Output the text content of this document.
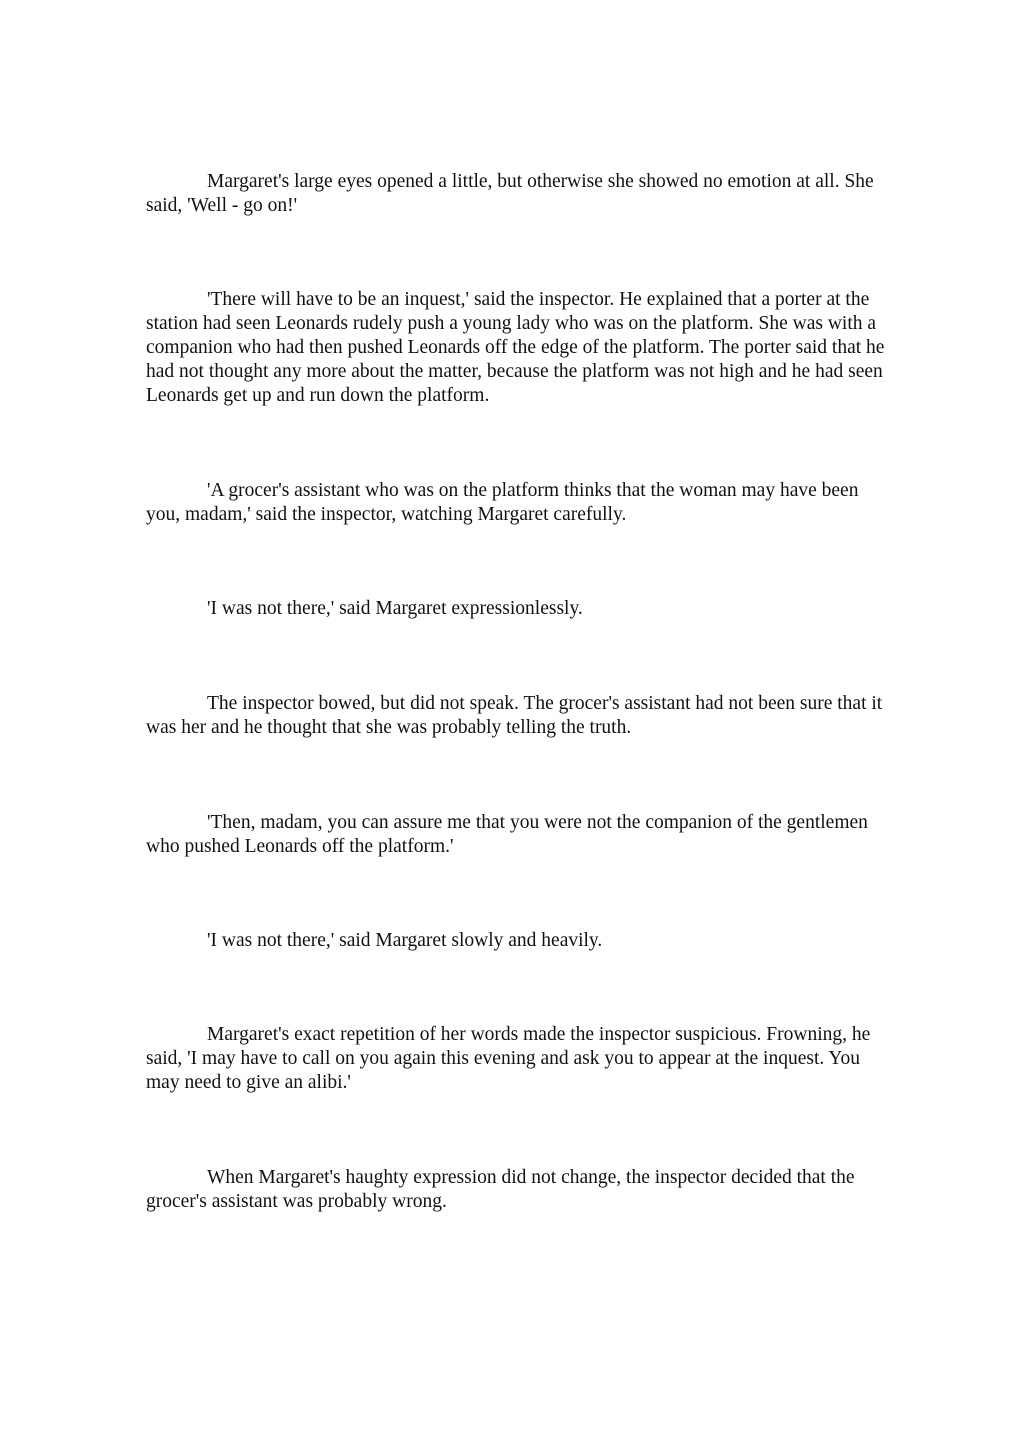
Margaret's large eyes opened a little, but otherwise she showed no emotion at all. She said, 'Well - go on!'

'There will have to be an inquest,' said the inspector. He explained that a porter at the station had seen Leonards rudely push a young lady who was on the platform. She was with a companion who had then pushed Leonards off the edge of the platform. The porter said that he had not thought any more about the matter, because the platform was not high and he had seen Leonards get up and run down the platform.

'A grocer's assistant who was on the platform thinks that the woman may have been you, madam,' said the inspector, watching Margaret carefully.

'I was not there,' said Margaret expressionlessly.

The inspector bowed, but did not speak. The grocer's assistant had not been sure that it was her and he thought that she was probably telling the truth.

'Then, madam, you can assure me that you were not the companion of the gentlemen who pushed Leonards off the platform.'

'I was not there,' said Margaret slowly and heavily.

Margaret's exact repetition of her words made the inspector suspicious. Frowning, he said, 'I may have to call on you again this evening and ask you to appear at the inquest. You may need to give an alibi.'

When Margaret's haughty expression did not change, the inspector decided that the grocer's assistant was probably wrong.
